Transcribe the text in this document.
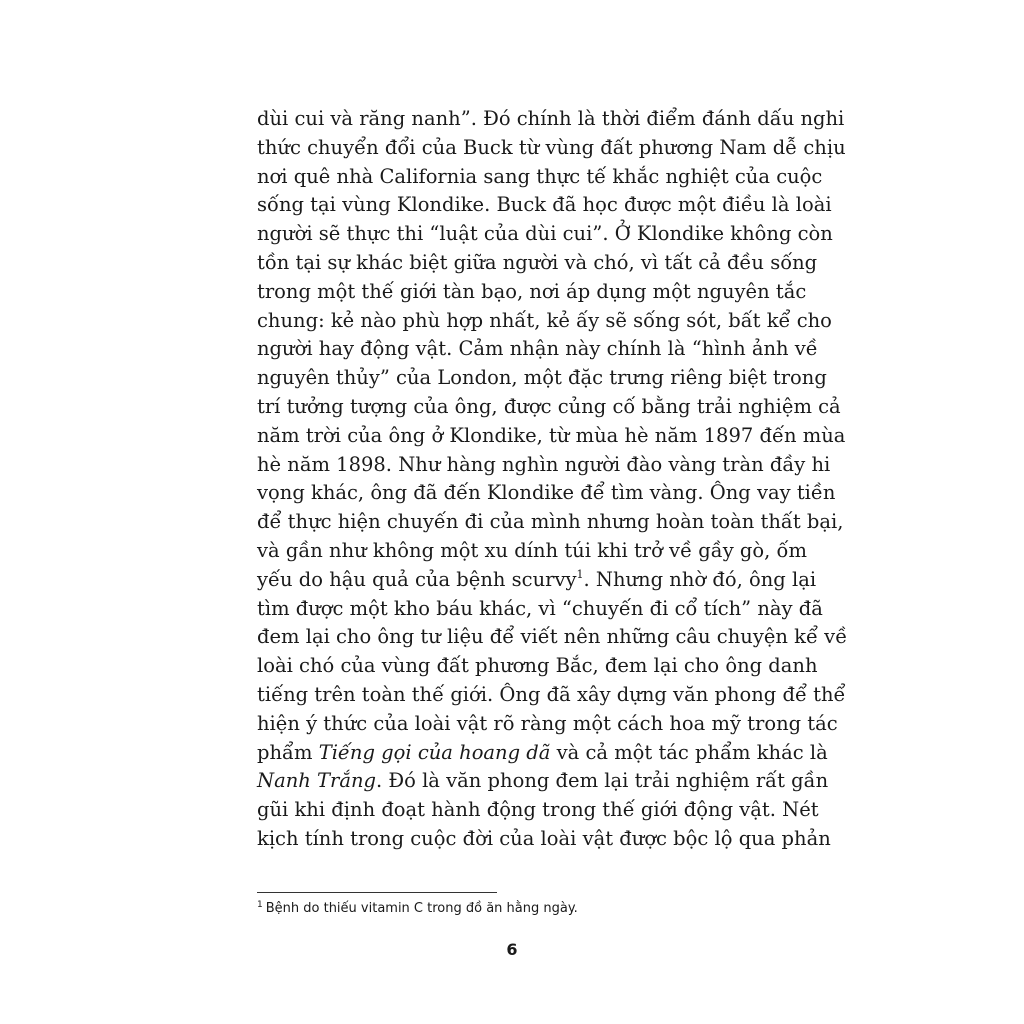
dùi cui và răng nanh”. Đó chính là thời điểm đánh dấu nghi
thức chuyển đổi của Buck từ vùng đất phương Nam dễ chịu
nơi quê nhà California sang thực tế khắc nghiệt của cuộc
sống tại vùng Klondike. Buck đã học được một điều là loài
người sẽ thực thi “luật của dùi cui”. Ở Klondike không còn
tồn tại sự khác biệt giữa người và chó, vì tất cả đều sống
trong một thế giới tàn bạo, nơi áp dụng một nguyên tắc
chung: kẻ nào phù hợp nhất, kẻ ấy sẽ sống sót, bất kể cho
người hay động vật. Cảm nhận này chính là “hình ảnh về
nguyên thủy” của London, một đặc trưng riêng biệt trong
trí tưởng tượng của ông, được củng cố bằng trải nghiệm cả
năm trời của ông ở Klondike, từ mùa hè năm 1897 đến mùa
hè năm 1898. Như hàng nghìn người đào vàng tràn đầy hi
vọng khác, ông đã đến Klondike để tìm vàng. Ông vay tiền
để thực hiện chuyến đi của mình nhưng hoàn toàn thất bại,
và gần như không một xu dính túi khi trở về gầy gò, ốm
yếu do hậu quả của bệnh scurvy$^1$. Nhưng nhờ đó, ông lại
tìm được một kho báu khác, vì “chuyến đi cổ tích” này đã
đem lại cho ông tư liệu để viết nên những câu chuyện kể về
loài chó của vùng đất phương Bắc, đem lại cho ông danh
tiếng trên toàn thế giới. Ông đã xây dựng văn phong để thể
hiện ý thức của loài vật rõ ràng một cách hoa mỹ trong tác
phẩm Tiếng gọi của hoang dã và cả một tác phẩm khác là
Nanh Trắng. Đó là văn phong đem lại trải nghiệm rất gần
gũi khi định đoạt hành động trong thế giới động vật. Nét
kịch tính trong cuộc đời của loài vật được bộc lộ qua phản
$^1$ Bệnh do thiếu vitamin C trong đồ ăn hằng ngày.
6
